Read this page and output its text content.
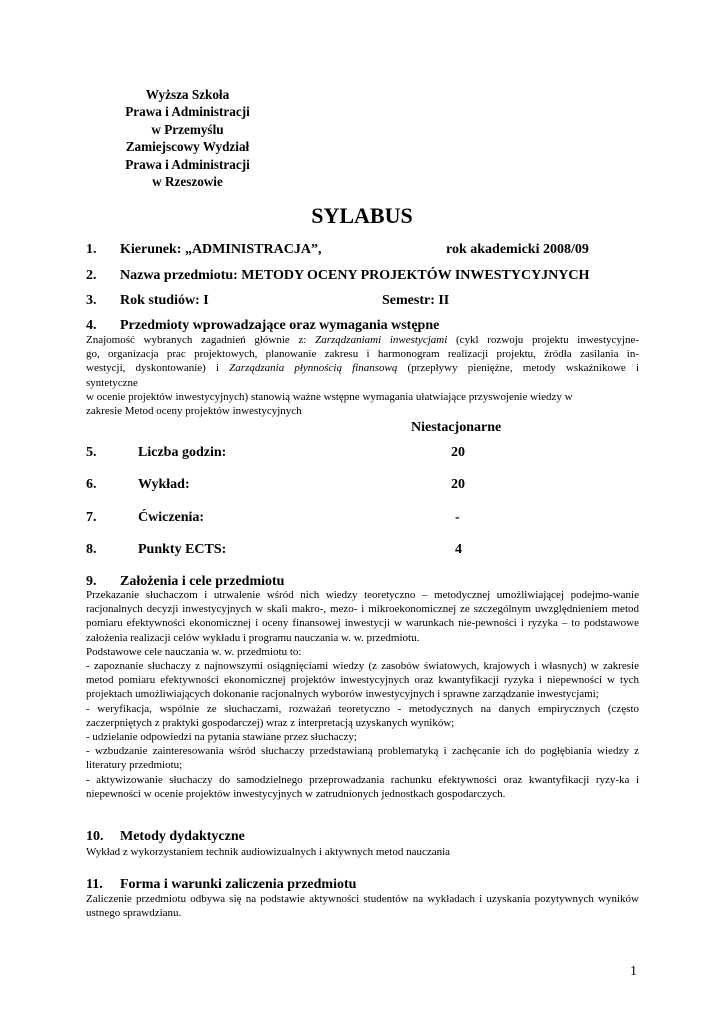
Wyższa Szkoła
Prawa i Administracji
w Przemyślu
Zamiejscowy Wydział
Prawa i Administracji
w Rzeszowie
SYLABUS
1. Kierunek: „ADMINISTRACJA”,	rok akademicki 2008/09
2. Nazwa przedmiotu: METODY OCENY PROJEKTÓW INWESTYCYJNYCH
3. Rok studiów: I	Semestr: II
4. Przedmioty wprowadzające oraz wymagania wstępne

Znajomość wybranych zagadnień głównie z: Zarządzaniami inwestycjami (cykl rozwoju projektu inwestycyjne-

go, organizacja prac projektowych, planowanie zakresu i harmonogram realizacji projektu, źródła zasilania in-

westycji, dyskontowanie) i Zarządzania płynnością finansową (przepływy pieniężne, metody wskaźnikowe i

syntetyczne

w ocenie projektów inwestycyjnych) stanowią ważne wstępne wymagania ułatwiające przyswojenie wiedzy w

zakresie Metod oceny projektów inwestycyjnych

Niestacjonarne
5.	Liczba godzin:	20
6.	Wykład:	20
7.	Ćwiczenia:	-
8.	Punkty ECTS:	4
9. Założenia i cele przedmiotu

Przekazanie słuchaczom i utrwalenie wśród nich wiedzy teoretyczno – metodycznej umożliwiającej podejmo-wanie racjonalnych decyzji inwestycyjnych w skali makro-, mezo- i mikroekonomicznej ze szczególnym uwzględnieniem metod pomiaru efektywności ekonomicznej i oceny finansowej inwestycji w warunkach nie-pewności i ryzyka – to podstawowe założenia realizacji celów wykładu i programu nauczania w. w. przedmiotu.

Podstawowe cele nauczania w. w. przedmiotu to:

- zapoznanie słuchaczy z najnowszymi osiągnięciami wiedzy (z zasobów światowych, krajowych i własnych) w zakresie metod pomiaru efektywności ekonomicznej projektów inwestycyjnych oraz kwantyfikacji ryzyka i niepewności w tych projektach umożliwiających dokonanie racjonalnych wyborów inwestycyjnych i sprawne zarządzanie inwestycjami;

- weryfikacja, wspólnie ze słuchaczami, rozważań teoretyczno - metodycznych na danych empirycznych (często zaczerpniętych z praktyki gospodarczej) wraz z interpretacją uzyskanych wyników;

- udzielanie odpowiedzi na pytania stawiane przez słuchaczy;

- wzbudzanie zainteresowania wśród słuchaczy przedstawianą problematyką i zachęcanie ich do pogłębiania wiedzy z literatury przedmiotu;

- aktywizowanie słuchaczy do samodzielnego przeprowadzania rachunku efektywności oraz kwantyfikacji ryzy-ka i niepewności w ocenie projektów inwestycyjnych w zatrudnionych jednostkach gospodarczych.

10. Metody dydaktyczne

Wykład z wykorzystaniem technik audiowizualnych i aktywnych metod nauczania

11. Forma i warunki zaliczenia przedmiotu

Zaliczenie przedmiotu odbywa się na podstawie aktywności studentów na wykładach i uzyskania pozytywnych wyników ustnego sprawdzianu.

1
